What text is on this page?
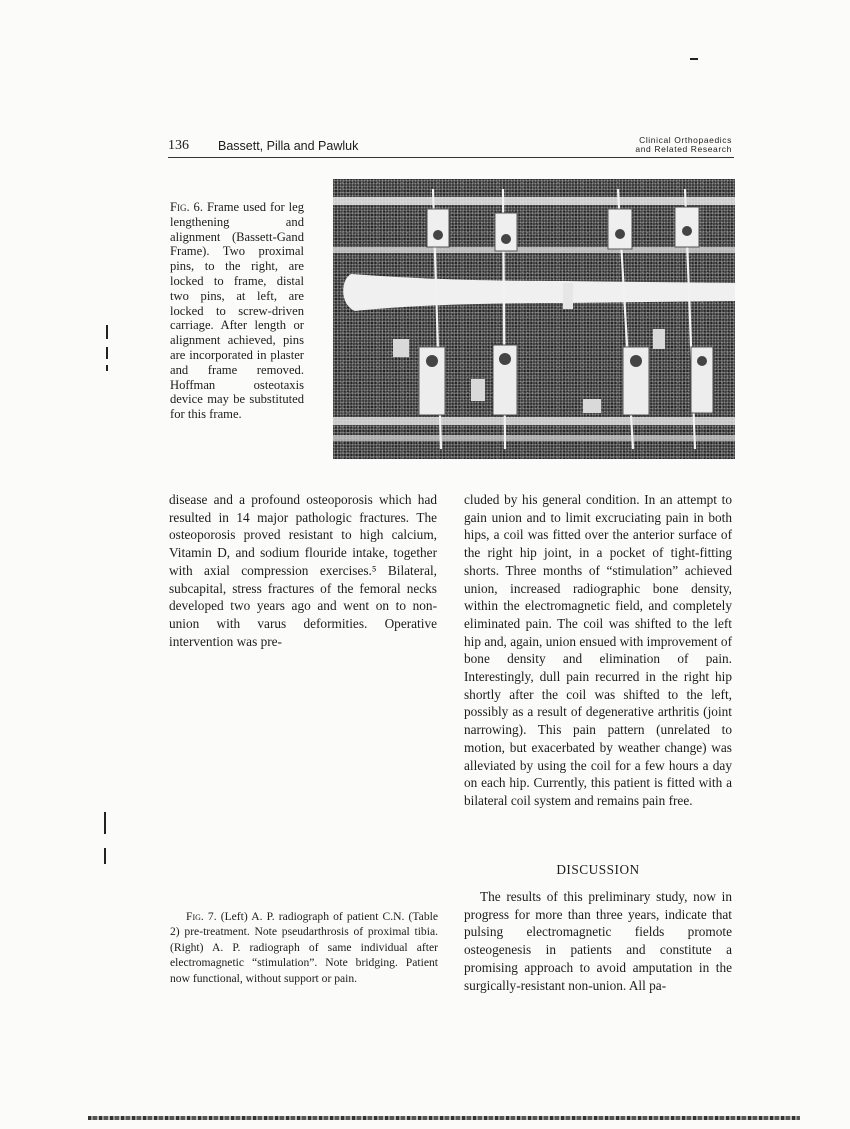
136 Bassett, Pilla and Pawluk	Clinical Orthopaedics
and Related Research
Fig. 6. Frame used for leg lengthening and alignment (Bassett-Gand Frame). Two proximal pins, to the right, are locked to frame, distal two pins, at left, are locked to screw-driven carriage. After length or alignment achieved, pins are incorporated in plaster and frame removed. Hoffman osteotaxis device may be substituted for this frame.

disease and a profound osteoporosis which had resulted in 14 major pathologic fractures. The osteoporosis proved resistant to high calcium, Vitamin D, and sodium flouride intake, together with axial compression exercises.⁵ Bilateral, subcapital, stress fractures of the femoral necks developed two years ago and went on to non-union with varus deformities. Operative intervention was pre-

cluded by his general condition. In an attempt to gain union and to limit excruciating pain in both hips, a coil was fitted over the anterior surface of the right hip joint, in a pocket of tight-fitting shorts. Three months of “stimulation” achieved union, increased radiographic bone density, within the electromagnetic field, and completely eliminated pain. The coil was shifted to the left hip and, again, union ensued with improvement of bone density and elimination of pain. Interestingly, dull pain recurred in the right hip shortly after the coil was shifted to the left, possibly as a result of degenerative arthritis (joint narrowing). This pain pattern (unrelated to motion, but exacerbated by weather change) was alleviated by using the coil for a few hours a day on each hip. Currently, this patient is fitted with a bilateral coil system and remains pain free.

DISCUSSION

The results of this preliminary study, now in progress for more than three years, indicate that pulsing electromagnetic fields promote osteogenesis in patients and constitute a promising approach to avoid amputation in the surgically-resistant non-union. All pa-

Fig. 7. (Left) A. P. radiograph of patient C.N. (Table 2) pre-treatment. Note pseudarthrosis of proximal tibia. (Right) A. P. radiograph of same individual after electromagnetic “stimulation”. Note bridging. Patient now functional, without support or pain.
